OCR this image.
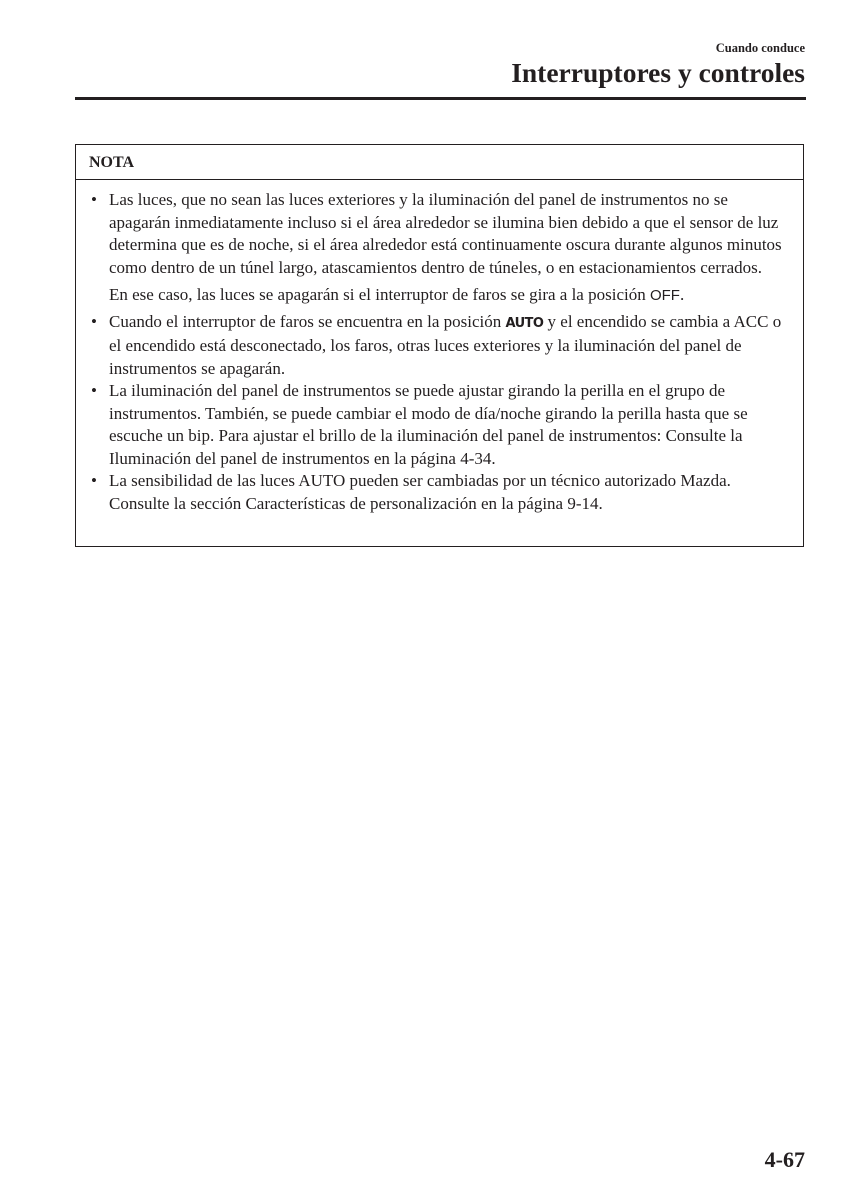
Cuando conduce
Interruptores y controles
NOTA
• Las luces, que no sean las luces exteriores y la iluminación del panel de instrumentos no se apagarán inmediatamente incluso si el área alrededor se ilumina bien debido a que el sensor de luz determina que es de noche, si el área alrededor está continuamente oscura durante algunos minutos como dentro de un túnel largo, atascamientos dentro de túneles, o en estacionamientos cerrados.
En ese caso, las luces se apagarán si el interruptor de faros se gira a la posición OFF.
• Cuando el interruptor de faros se encuentra en la posición AUTO y el encendido se cambia a ACC o el encendido está desconectado, los faros, otras luces exteriores y la iluminación del panel de instrumentos se apagarán.
• La iluminación del panel de instrumentos se puede ajustar girando la perilla en el grupo de instrumentos. También, se puede cambiar el modo de día/noche girando la perilla hasta que se escuche un bip. Para ajustar el brillo de la iluminación del panel de instrumentos: Consulte la Iluminación del panel de instrumentos en la página 4-34.
• La sensibilidad de las luces AUTO pueden ser cambiadas por un técnico autorizado Mazda. Consulte la sección Características de personalización en la página 9-14.
4-67
